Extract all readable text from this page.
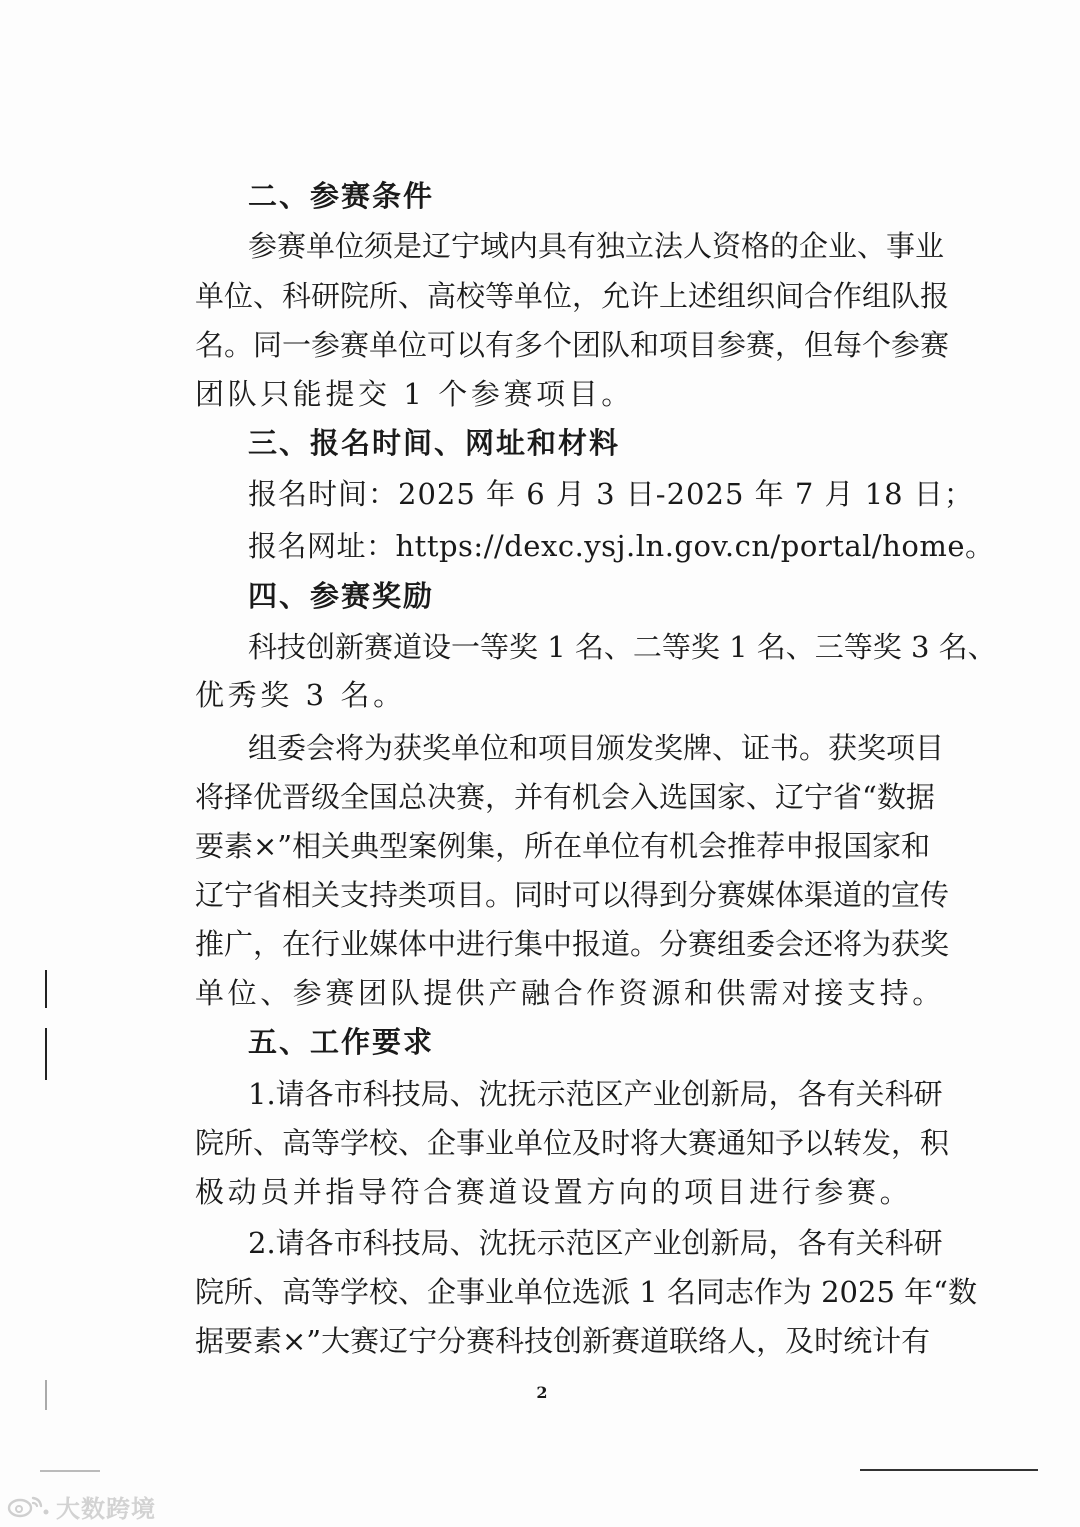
二、参赛条件
参赛单位须是辽宁域内具有独立法人资格的企业、事业
单位、科研院所、高校等单位，允许上述组织间合作组队报
名。同一参赛单位可以有多个团队和项目参赛，但每个参赛
团队只能提交 1 个参赛项目。
三、报名时间、网址和材料
报名时间：2025 年 6 月 3 日-2025 年 7 月 18 日；
报名网址：https://dexc.ysj.ln.gov.cn/portal/home。
四、参赛奖励
科技创新赛道设一等奖 1 名、二等奖 1 名、三等奖 3 名、
优秀奖 3 名。
组委会将为获奖单位和项目颁发奖牌、证书。获奖项目
将择优晋级全国总决赛，并有机会入选国家、辽宁省“数据
要素×”相关典型案例集，所在单位有机会推荐申报国家和
辽宁省相关支持类项目。同时可以得到分赛媒体渠道的宣传
推广，在行业媒体中进行集中报道。分赛组委会还将为获奖
单位、参赛团队提供产融合作资源和供需对接支持。
五、工作要求
1.请各市科技局、沈抚示范区产业创新局，各有关科研
院所、高等学校、企事业单位及时将大赛通知予以转发，积
极动员并指导符合赛道设置方向的项目进行参赛。
2.请各市科技局、沈抚示范区产业创新局，各有关科研
院所、高等学校、企事业单位选派 1 名同志作为 2025 年“数
据要素×”大赛辽宁分赛科技创新赛道联络人，及时统计有
2
大数跨境
